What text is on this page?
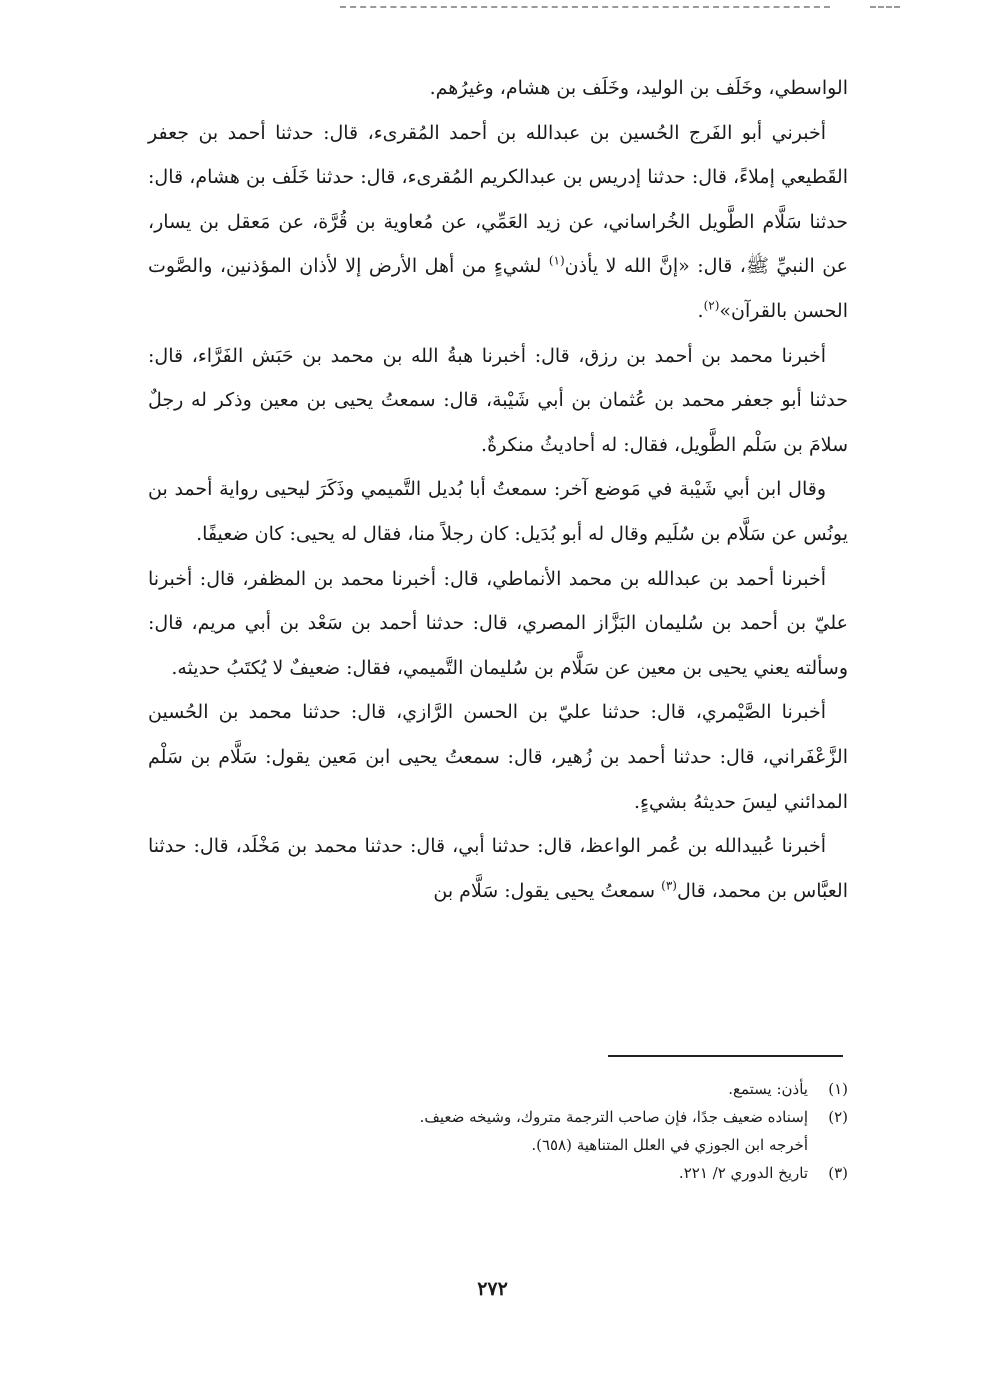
الواسطي، وخَلَف بن الوليد، وخَلَف بن هشام، وغيرُهم.

أخبرني أبو الفَرج الحُسين بن عبدالله بن أحمد المُقرىء، قال: حدثنا أحمد بن جعفر القَطيعي إملاءً، قال: حدثنا إدريس بن عبدالكريم المُقرىء، قال: حدثنا خَلَف بن هشام، قال: حدثنا سَلَّام الطَّويل الخُراساني، عن زيد العَمِّي، عن مُعاوية بن قُرَّة، عن مَعقل بن يسار، عن النبيِّ ﷺ، قال: «إنَّ الله لا يأذن$^{(١)}$ لشيءٍ من أهل الأرض إلا لأذان المؤذنين، والصَّوت الحسن بالقرآن»$^{(٢)}$.

أخبرنا محمد بن أحمد بن رزق، قال: أخبرنا هبةُ الله بن محمد بن حَبَش الفَرَّاء، قال: حدثنا أبو جعفر محمد بن عُثمان بن أبي شَيْبة، قال: سمعتُ يحيى بن معين وذكر له رجلٌ سلامَ بن سَلْم الطَّويل، فقال: له أحاديثُ منكرةٌ.

وقال ابن أبي شَيْبة في مَوضع آخر: سمعتُ أبا بُديل التَّميمي وذَكَرَ ليحيى رواية أحمد بن يونُس عن سَلَّام بن سُلَيم وقال له أبو بُدَيل: كان رجلاً منا، فقال له يحيى: كان ضعيفًا.

أخبرنا أحمد بن عبدالله بن محمد الأنماطي، قال: أخبرنا محمد بن المظفر، قال: أخبرنا عليّ بن أحمد بن سُليمان البَزَّاز المصري، قال: حدثنا أحمد بن سَعْد بن أبي مريم، قال: وسألته يعني يحيى بن معين عن سَلَّام بن سُليمان التَّميمي، فقال: ضعيفٌ لا يُكتَبُ حديثه.

أخبرنا الصَّيْمري، قال: حدثنا عليّ بن الحسن الرَّازي، قال: حدثنا محمد بن الحُسين الزَّعْفَراني، قال: حدثنا أحمد بن زُهير، قال: سمعتُ يحيى ابن مَعين يقول: سَلَّام بن سَلْم المدائني ليسَ حديثهُ بشيءٍ.

أخبرنا عُبيدالله بن عُمر الواعظ، قال: حدثنا أبي، قال: حدثنا محمد بن مَخْلَد، قال: حدثنا العبَّاس بن محمد، قال$^{(٣)}$ سمعتُ يحيى يقول: سَلَّام بن

(١)يأذن: يستمع.

(٢)إسناده ضعيف جدًا، فإن صاحب الترجمة متروك، وشيخه ضعيف.

أخرجه ابن الجوزي في العلل المتناهية (٦٥٨).

(٣)تاريخ الدوري ٢/ ٢٢١.

٢٧٢
